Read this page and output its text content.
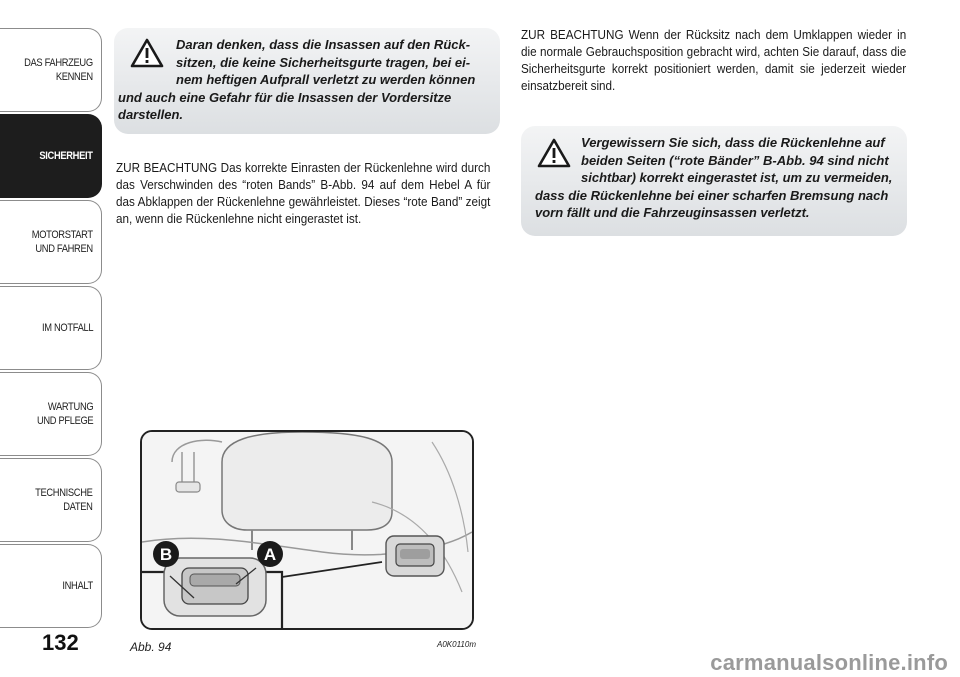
DAS FAHRZEUG
KENNEN
SICHERHEIT
MOTORSTART
UND FAHREN
IM NOTFALL
WARTUNG
UND PFLEGE
TECHNISCHE
DATEN
INHALT
132

Daran denken, dass die Insassen auf den Rück-
sitzen, die keine Sicherheitsgurte tragen, bei ei-
nem heftigen Aufprall verletzt zu werden können

und auch eine Gefahr für die Insassen der Vordersitze
darstellen.

ZUR BEACHTUNG Das korrekte Einrasten der Rückenlehne wird durch das Verschwinden des “roten Bands” B-Abb. 94 auf dem Hebel A für das Abklappen der Rückenlehne gewährleistet. Dieses “rote Band” zeigt an, wenn die Rückenlehne nicht eingerastet ist.
ZUR BEACHTUNG Wenn der Rücksitz nach dem Umklappen wieder in die normale Gebrauchsposition gebracht wird, achten Sie darauf, dass die Sicherheitsgurte korrekt positioniert werden, damit sie jederzeit wieder einsatzbereit sind.

Vergewissern Sie sich, dass die Rückenlehne auf
beiden Seiten (“rote Bänder” B-Abb. 94 sind nicht
sichtbar) korrekt eingerastet ist, um zu vermeiden,

dass die Rückenlehne bei einer scharfen Bremsung nach
vorn fällt und die Fahrzeuginsassen verletzt.

B	A
Abb. 94	A0K0110m
carmanualsonline.info
